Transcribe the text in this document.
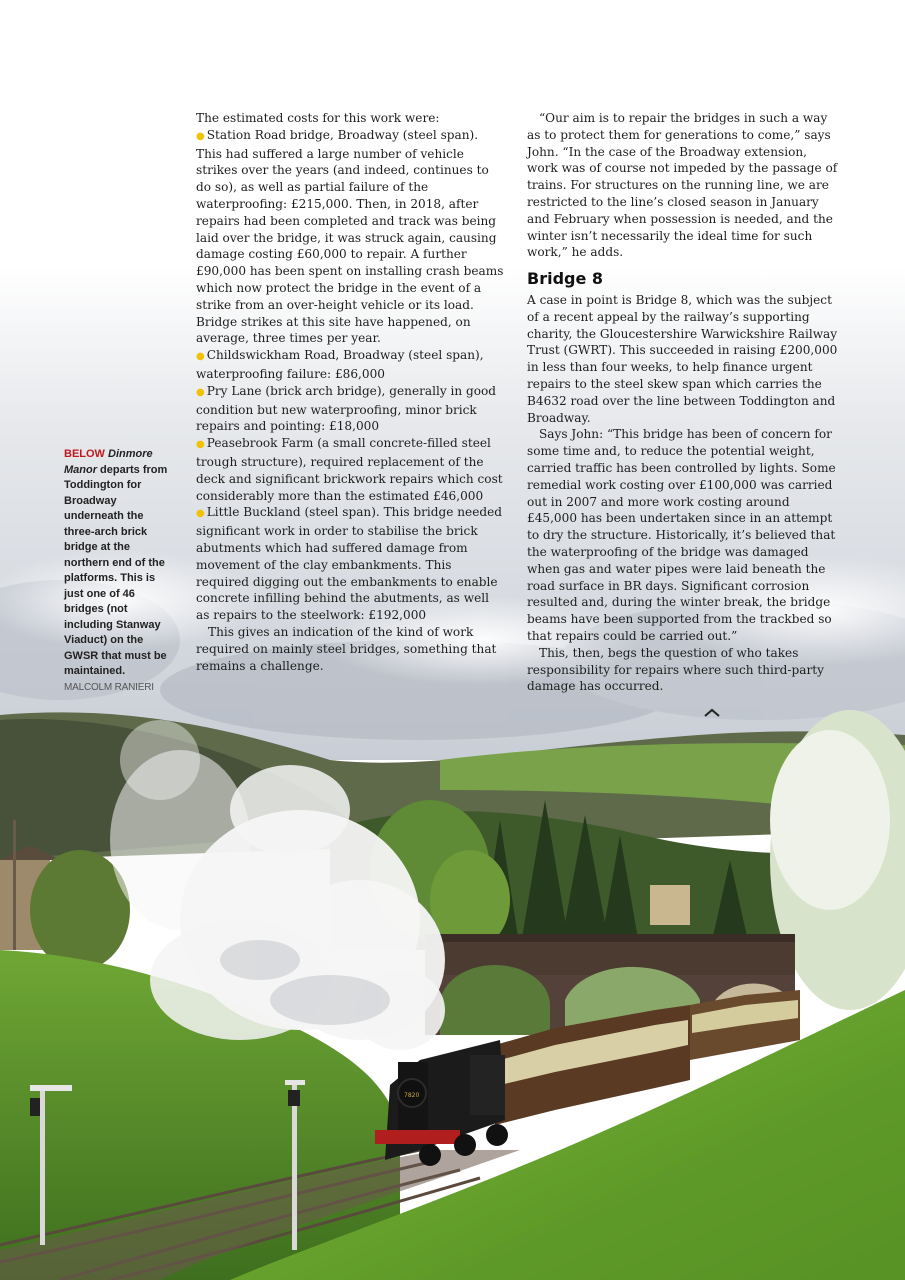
7820
BELOW Dinmore Manor departs from Toddington for Broadway underneath the three-arch brick bridge at the northern end of the platforms. This is just one of 46 bridges (not including Stanway Viaduct) on the GWSR that must be maintained.
MALCOLM RANIERI

The estimated costs for this work were:

● Station Road bridge, Broadway (steel span). This had suffered a large number of vehicle strikes over the years (and indeed, continues to do so), as well as partial failure of the waterproofing: £215,000. Then, in 2018, after repairs had been completed and track was being laid over the bridge, it was struck again, causing damage costing £60,000 to repair. A further £90,000 has been spent on installing crash beams which now protect the bridge in the event of a strike from an over-height vehicle or its load. Bridge strikes at this site have happened, on average, three times per year.

● Childswickham Road, Broadway (steel span), waterproofing failure: £86,000

● Pry Lane (brick arch bridge), generally in good condition but new waterproofing, minor brick repairs and pointing: £18,000

● Peasebrook Farm (a small concrete-filled steel trough structure), required replacement of the deck and significant brickwork repairs which cost considerably more than the estimated £46,000

● Little Buckland (steel span). This bridge needed significant work in order to stabilise the brick abutments which had suffered damage from movement of the clay embankments. This required digging out the embankments to enable concrete infilling behind the abutments, as well as repairs to the steelwork: £192,000

This gives an indication of the kind of work required on mainly steel bridges, something that remains a challenge.

“Our aim is to repair the bridges in such a way as to protect them for generations to come,” says John. “In the case of the Broadway extension, work was of course not impeded by the passage of trains. For structures on the running line, we are restricted to the line’s closed season in January and February when possession is needed, and the winter isn’t necessarily the ideal time for such work,” he adds.

Bridge 8

A case in point is Bridge 8, which was the subject of a recent appeal by the railway’s supporting charity, the Gloucestershire Warwickshire Railway Trust (GWRT). This succeeded in raising £200,000 in less than four weeks, to help finance urgent repairs to the steel skew span which carries the B4632 road over the line between Toddington and Broadway.

Says John: “This bridge has been of concern for some time and, to reduce the potential weight, carried traffic has been controlled by lights. Some remedial work costing over £100,000 was carried out in 2007 and more work costing around £45,000 has been undertaken since in an attempt to dry the structure. Historically, it’s believed that the waterproofing of the bridge was damaged when gas and water pipes were laid beneath the road surface in BR days. Significant corrosion resulted and, during the winter break, the bridge beams have been supported from the trackbed so that repairs could be carried out.”

This, then, begs the question of who takes responsibility for repairs where such third-party damage has occurred.
